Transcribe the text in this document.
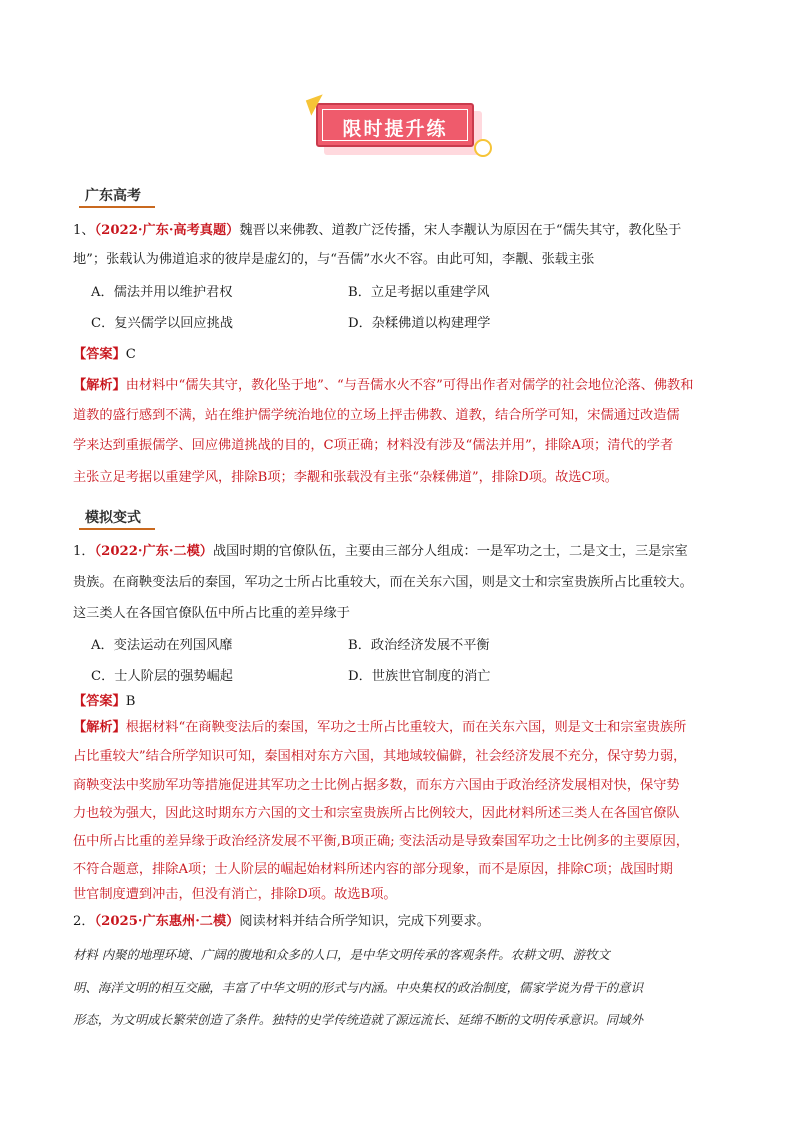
限时提升练
广东高考
1、（2022·广东·高考真题）魏晋以来佛教、道教广泛传播，宋人李觏认为原因在于“儒失其守，教化坠于
地”；张载认为佛道追求的彼岸是虚幻的，与“吾儒”水火不容。由此可知，李觏、张载主张
A．儒法并用以维护君权	B．立足考据以重建学风
C．复兴儒学以回应挑战	D．杂糅佛道以构建理学
【答案】C
【解析】由材料中“儒失其守，教化坠于地”、“与吾儒水火不容”可得出作者对儒学的社会地位沦落、佛教和
道教的盛行感到不满，站在维护儒学统治地位的立场上抨击佛教、道教，结合所学可知，宋儒通过改造儒
学来达到重振儒学、回应佛道挑战的目的，C项正确；材料没有涉及“儒法并用”，排除A项；清代的学者
主张立足考据以重建学风，排除B项；李觏和张载没有主张“杂糅佛道”，排除D项。故选C项。
模拟变式
1．（2022·广东·二模）战国时期的官僚队伍，主要由三部分人组成：一是军功之士，二是文士，三是宗室
贵族。在商鞅变法后的秦国，军功之士所占比重较大，而在关东六国，则是文士和宗室贵族所占比重较大。
这三类人在各国官僚队伍中所占比重的差异缘于
A．变法运动在列国风靡	B．政治经济发展不平衡
C．士人阶层的强势崛起	D．世族世官制度的消亡
【答案】B
【解析】根据材料“在商鞅变法后的秦国，军功之士所占比重较大，而在关东六国，则是文士和宗室贵族所
占比重较大”结合所学知识可知，秦国相对东方六国，其地域较偏僻，社会经济发展不充分，保守势力弱，
商鞅变法中奖励军功等措施促进其军功之士比例占据多数，而东方六国由于政治经济发展相对快，保守势
力也较为强大，因此这时期东方六国的文士和宗室贵族所占比例较大，因此材料所述三类人在各国官僚队
伍中所占比重的差异缘于政治经济发展不平衡,B项正确; 变法活动是导致秦国军功之士比例多的主要原因，
不符合题意，排除A项；士人阶层的崛起始材料所述内容的部分现象，而不是原因，排除C项；战国时期
世官制度遭到冲击，但没有消亡，排除D项。故选B项。
2．（2025·广东惠州·二模）阅读材料并结合所学知识，完成下列要求。
材料 内聚的地理环境、广阔的腹地和众多的人口，是中华文明传承的客观条件。农耕文明、游牧文
明、海洋文明的相互交融，丰富了中华文明的形式与内涵。中央集权的政治制度，儒家学说为骨干的意识
形态，为文明成长繁荣创造了条件。独特的史学传统造就了源远流长、延绵不断的文明传承意识。同域外
